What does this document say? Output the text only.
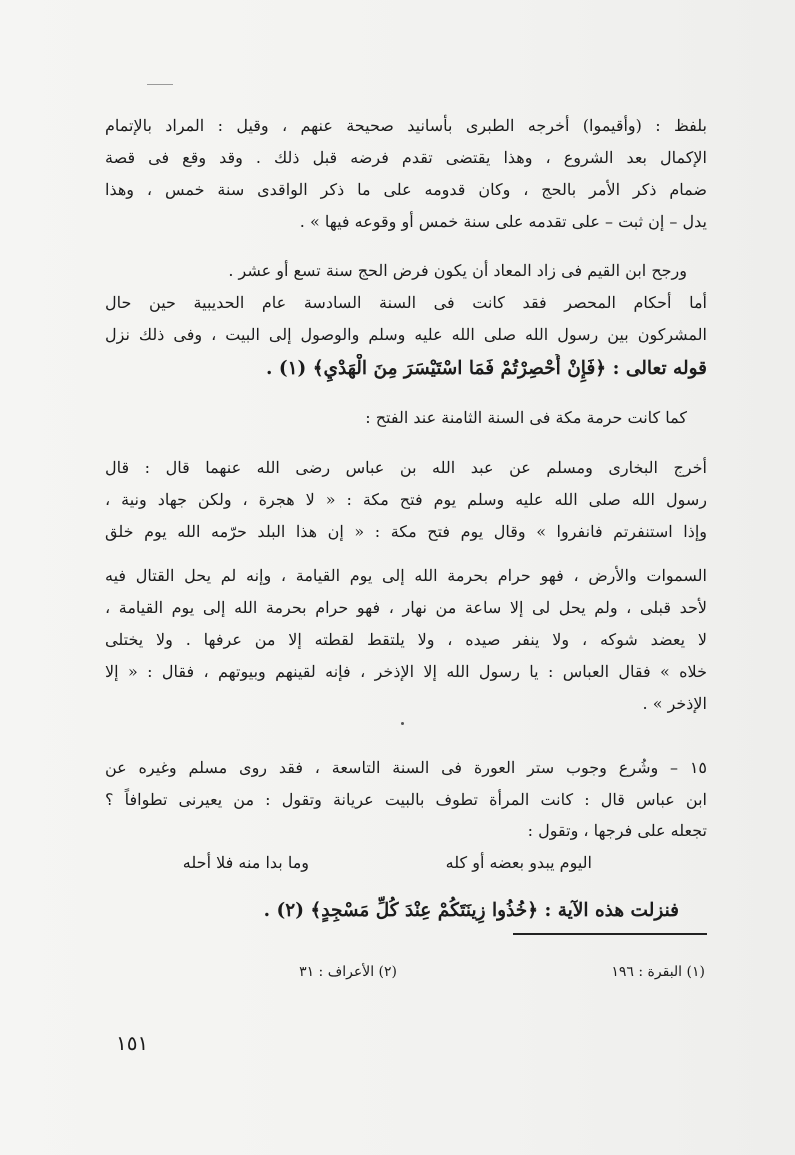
بلفظ : (وأقيموا) أخرجه الطبرى بأسانيد صحيحة عنهم ، وقيل : المراد بالإتمام
الإكمال بعد الشروع ، وهذا يقتضى تقدم فرضه قبل ذلك . وقد وقع فى قصة
ضمام ذكر الأمر بالحج ، وكان قدومه على ما ذكر الواقدى سنة خمس ، وهذا
يدل – إن ثبت – على تقدمه على سنة خمس أو وقوعه فيها » .
ورجح ابن القيم فى زاد المعاد أن يكون فرض الحج سنة تسع أو عشر .
أما أحكام المحصر فقد كانت فى السنة السادسة عام الحديبية حين حال
المشركون بين رسول الله صلى الله عليه وسلم والوصول إلى البيت ، وفى ذلك نزل
قوله تعالى : ﴿فَإِنْ أُحْصِرْتُمْ فَمَا اسْتَيْسَرَ مِنَ الْهَدْيِ﴾ (١) .
كما كانت حرمة مكة فى السنة الثامنة عند الفتح :
أخرج البخارى ومسلم عن عبد الله بن عباس رضى الله عنهما قال : قال
رسول الله صلى الله عليه وسلم يوم فتح مكة : « لا هجرة ، ولكن جهاد ونية ،
وإذا استنفرتم فانفروا » وقال يوم فتح مكة : « إن هذا البلد حرّمه الله يوم خلق
السموات والأرض ، فهو حرام بحرمة الله إلى يوم القيامة ، وإنه لم يحل القتال فيه
لأحد قبلى ، ولم يحل لى إلا ساعة من نهار ، فهو حرام بحرمة الله إلى يوم القيامة ،
لا يعضد شوكه ، ولا ينفر صيده ، ولا يلتقط لقطته إلا من عرفها . ولا يختلى
خلاه » فقال العباس : يا رسول الله إلا الإذخر ، فإنه لقينهم وبيوتهم ، فقال : « إلا
الإذخر » .
١٥ – وشُرع وجوب ستر العورة فى السنة التاسعة ، فقد روى مسلم وغيره عن
ابن عباس قال : كانت المرأة تطوف بالبيت عريانة وتقول : من يعيرنى تطوافاً ؟
تجعله على فرجها ، وتقول :
فنزلت هذه الآية : ﴿خُذُوا زِينَتَكُمْ عِنْدَ كُلِّ مَسْجِدٍ﴾ (٢) .
اليوم يبدو بعضه أو كله
وما بدا منه فلا أحله
(١) البقرة : ١٩٦
(٢) الأعراف : ٣١
١٥١
